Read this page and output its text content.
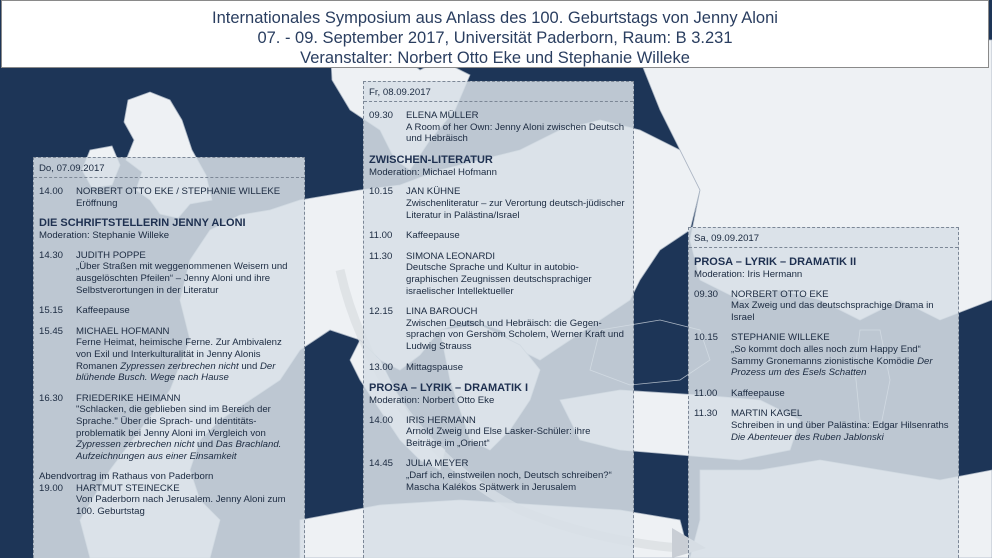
Internationales Symposium aus Anlass des 100. Geburtstags von Jenny Aloni
07. - 09. September 2017, Universität Paderborn, Raum: B 3.231
Veranstalter: Norbert Otto Eke und Stephanie Willeke
Do, 07.09.2017
14.00	NORBERT OTTO EKE / STEPHANIE WILLEKE
Eröffnung
DIE SCHRIFTSTELLERIN JENNY ALONI
Moderation: Stephanie Willeke
14.30	JUDITH POPPE
„Über Straßen mit weggenommenen Weisern und ausgelöschten Pfeilen“ – Jenny Aloni und ihre Selbstverortungen in der Literatur
15.15	Kaffeepause
15.45	MICHAEL HOFMANN
Ferne Heimat, heimische Ferne. Zur Ambivalenz von Exil und Interkulturalität in Jenny Alonis Romanen Zypressen zerbrechen nicht und Der blühende Busch. Wege nach Hause
16.30	FRIEDERIKE HEIMANN
"Schlacken, die geblieben sind im Bereich der Sprache." Über die Sprach- und Identitäts-problematik bei Jenny Aloni im Vergleich von Zypressen zerbrechen nicht und Das Brachland. Aufzeichnungen aus einer Einsamkeit
Abendvortrag im Rathaus von Paderborn
19.00	HARTMUT STEINECKE
Von Paderborn nach Jerusalem. Jenny Aloni zum 100. Geburtstag
Fr, 08.09.2017
09.30	ELENA MÜLLER
A Room of her Own: Jenny Aloni zwischen Deutsch und Hebräisch
ZWISCHEN-LITERATUR
Moderation: Michael Hofmann
10.15	JAN KÜHNE
Zwischenliteratur – zur Verortung deutsch-jüdischer Literatur in Palästina/Israel
11.00	Kaffeepause
11.30	SIMONA LEONARDI
Deutsche Sprache und Kultur in autobio-graphischen Zeugnissen deutschsprachiger israelischer Intellektueller
12.15	LINA BAROUCH
Zwischen Deutsch und Hebräisch: die Gegen-sprachen von Gershom Scholem, Werner Kraft und Ludwig Strauss
13.00	Mittagspause
PROSA – LYRIK – DRAMATIK I
Moderation: Norbert Otto Eke
14.00	IRIS HERMANN
Arnold Zweig und Else Lasker-Schüler: ihre Beiträge im „Orient“
14.45	JULIA MEYER
„Darf ich, einstweilen noch, Deutsch schreiben?“ Mascha Kalékos Spätwerk in Jerusalem
Sa, 09.09.2017
PROSA – LYRIK – DRAMATIK II
Moderation: Iris Hermann
09.30	NORBERT OTTO EKE
Max Zweig und das deutschsprachige Drama in Israel
10.15	STEPHANIE WILLEKE
„So kommt doch alles noch zum Happy End“ Sammy Gronemanns zionistische Komödie Der Prozess um des Esels Schatten
11.00	Kaffeepause
11.30	MARTIN KAGEL
Schreiben in und über Palästina: Edgar Hilsenraths Die Abenteuer des Ruben Jablonski
